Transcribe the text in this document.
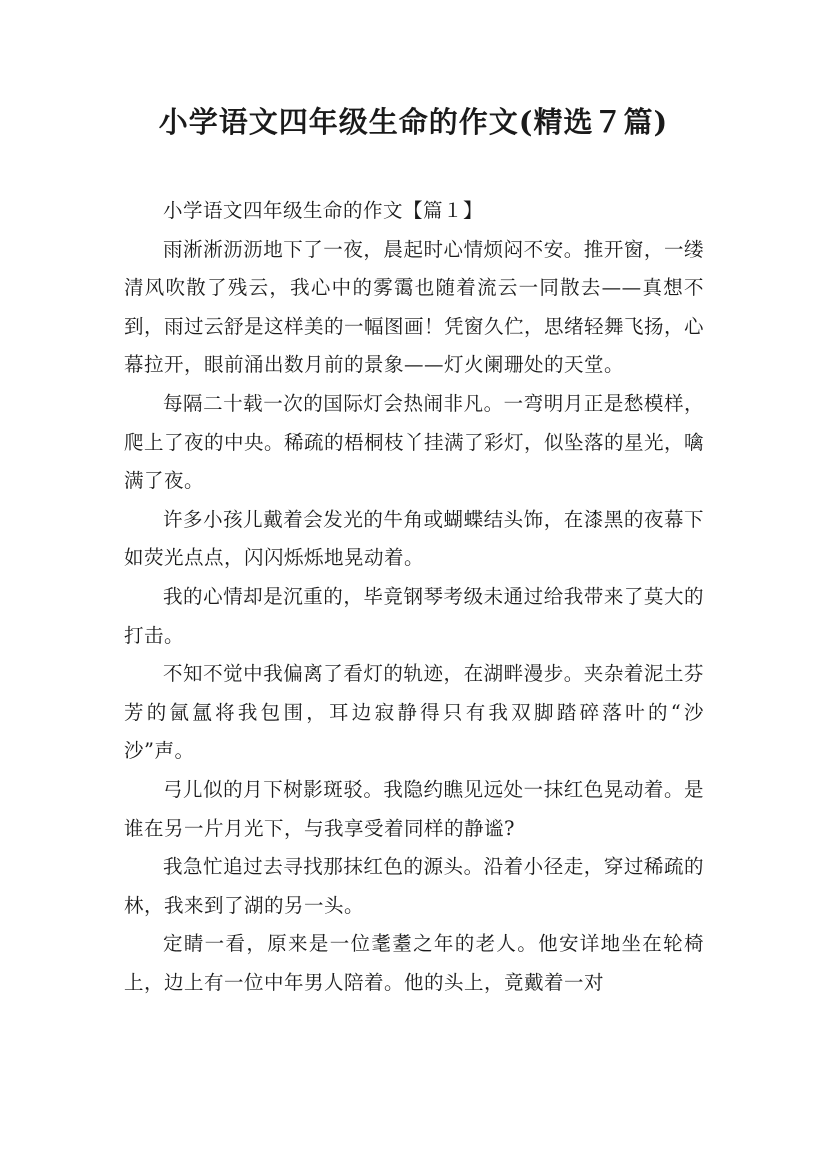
小学语文四年级生命的作文(精选７篇)

小学语文四年级生命的作文【篇１】

雨淅淅沥沥地下了一夜，晨起时心情烦闷不安。推开窗，一缕清风吹散了残云，我心中的雾霭也随着流云一同散去——真想不到，雨过云舒是这样美的一幅图画！凭窗久伫，思绪轻舞飞扬，心幕拉开，眼前涌出数月前的景象——灯火阑珊处的天堂。

每隔二十载一次的国际灯会热闹非凡。一弯明月正是愁模样，爬上了夜的中央。稀疏的梧桐枝丫挂满了彩灯，似坠落的星光，噙满了夜。

许多小孩儿戴着会发光的牛角或蝴蝶结头饰，在漆黑的夜幕下如荧光点点，闪闪烁烁地晃动着。

我的心情却是沉重的，毕竟钢琴考级未通过给我带来了莫大的打击。

不知不觉中我偏离了看灯的轨迹，在湖畔漫步。夹杂着泥土芬芳的氤氲将我包围，耳边寂静得只有我双脚踏碎落叶的“沙沙”声。

弓儿似的月下树影斑驳。我隐约瞧见远处一抹红色晃动着。是谁在另一片月光下，与我享受着同样的静谧?

我急忙追过去寻找那抹红色的源头。沿着小径走，穿过稀疏的林，我来到了湖的另一头。

定睛一看，原来是一位耄耋之年的老人。他安详地坐在轮椅上，边上有一位中年男人陪着。他的头上，竟戴着一对
